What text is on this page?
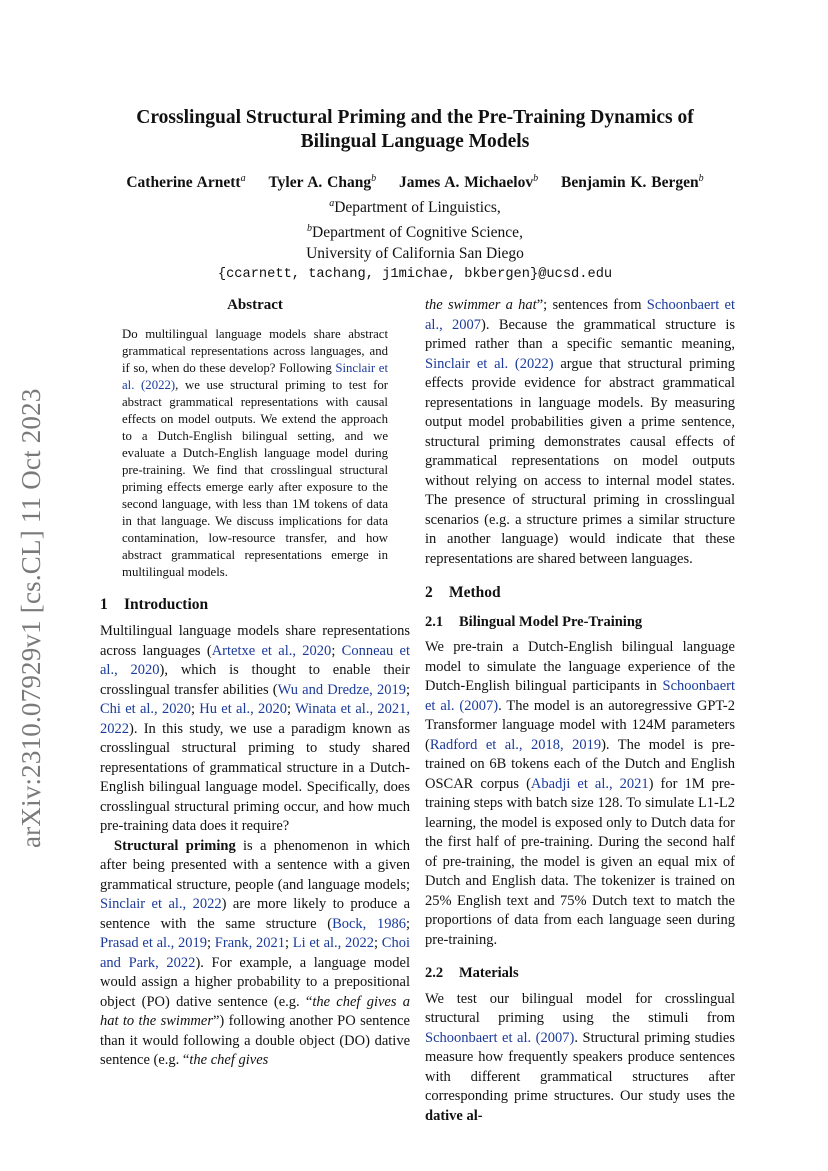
arXiv:2310.07929v1 [cs.CL] 11 Oct 2023
Crosslingual Structural Priming and the Pre-Training Dynamics of
Bilingual Language Models
Catherine Arnett$^a$ Tyler A. Chang$^b$ James A. Michaelov$^b$ Benjamin K. Bergen$^b$
$^a$Department of Linguistics,
$^b$Department of Cognitive Science,
University of California San Diego
{ccarnett, tachang, j1michae, bkbergen}@ucsd.edu
Abstract

Do multilingual language models share abstract grammatical representations across languages, and if so, when do these develop? Following Sinclair et al. (2022), we use structural priming to test for abstract grammatical representations with causal effects on model outputs. We extend the approach to a Dutch-English bilingual setting, and we evaluate a Dutch-English language model during pre-training. We find that crosslingual structural priming effects emerge early after exposure to the second language, with less than 1M tokens of data in that language. We discuss implications for data contamination, low-resource transfer, and how abstract grammatical representations emerge in multilingual models.

1 Introduction

Multilingual language models share representations across languages (Artetxe et al., 2020; Conneau et al., 2020), which is thought to enable their crosslingual transfer abilities (Wu and Dredze, 2019; Chi et al., 2020; Hu et al., 2020; Winata et al., 2021, 2022). In this study, we use a paradigm known as crosslingual structural priming to study shared representations of grammatical structure in a Dutch-English bilingual language model. Specifically, does crosslingual structural priming occur, and how much pre-training data does it require?

Structural priming is a phenomenon in which after being presented with a sentence with a given grammatical structure, people (and language models; Sinclair et al., 2022) are more likely to produce a sentence with the same structure (Bock, 1986; Prasad et al., 2019; Frank, 2021; Li et al., 2022; Choi and Park, 2022). For example, a language model would assign a higher probability to a prepositional object (PO) dative sentence (e.g. “the chef gives a hat to the swimmer”) following another PO sentence than it would following a double object (DO) dative sentence (e.g. “the chef gives

the swimmer a hat”; sentences from Schoonbaert et al., 2007). Because the grammatical structure is primed rather than a specific semantic meaning, Sinclair et al. (2022) argue that structural priming effects provide evidence for abstract grammatical representations in language models. By measuring output model probabilities given a prime sentence, structural priming demonstrates causal effects of grammatical representations on model outputs without relying on access to internal model states. The presence of structural priming in crosslingual scenarios (e.g. a structure primes a similar structure in another language) would indicate that these representations are shared between languages.

2 Method
2.1 Bilingual Model Pre-Training

We pre-train a Dutch-English bilingual language model to simulate the language experience of the Dutch-English bilingual participants in Schoonbaert et al. (2007). The model is an autoregressive GPT-2 Transformer language model with 124M parameters (Radford et al., 2018, 2019). The model is pre-trained on 6B tokens each of the Dutch and English OSCAR corpus (Abadji et al., 2021) for 1M pre-training steps with batch size 128. To simulate L1-L2 learning, the model is exposed only to Dutch data for the first half of pre-training. During the second half of pre-training, the model is given an equal mix of Dutch and English data. The tokenizer is trained on 25% English text and 75% Dutch text to match the proportions of data from each language seen during pre-training.

2.2 Materials

We test our bilingual model for crosslingual structural priming using the stimuli from Schoonbaert et al. (2007). Structural priming studies measure how frequently speakers produce sentences with different grammatical structures after corresponding prime structures. Our study uses the dative al-
